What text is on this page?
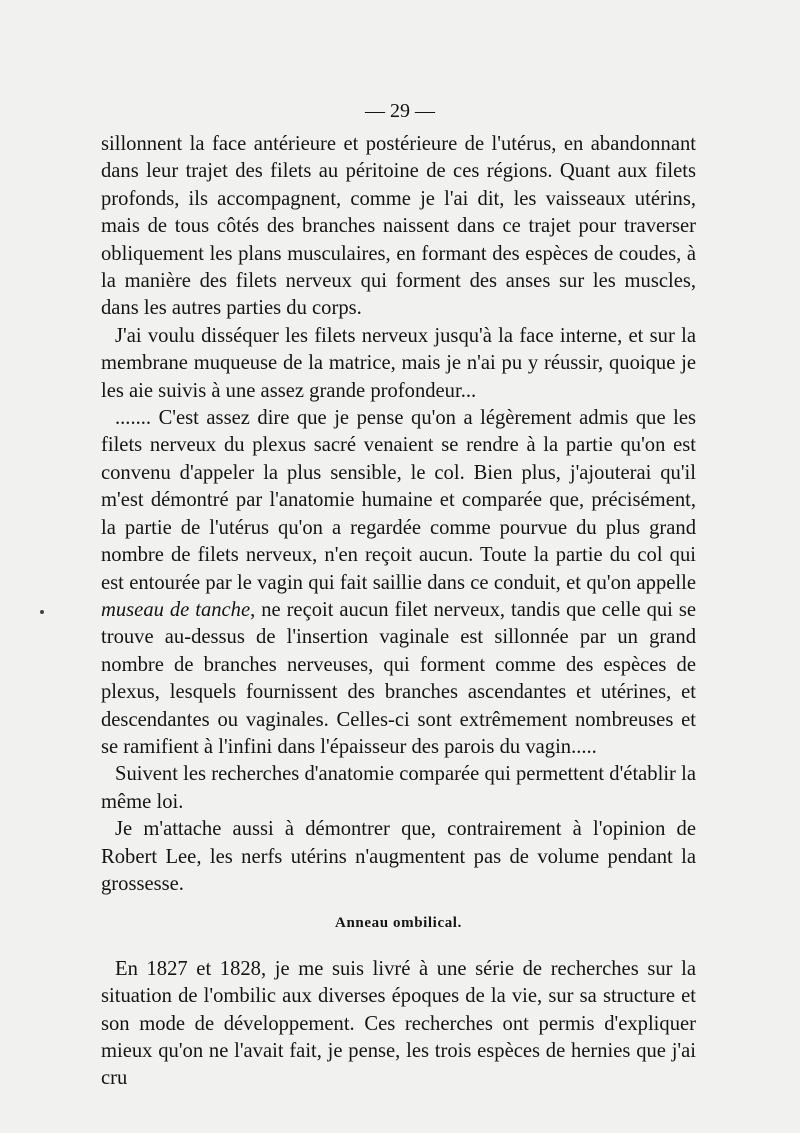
— 29 —

sillonnent la face antérieure et postérieure de l'utérus, en abandonnant dans leur trajet des filets au péritoine de ces régions. Quant aux filets profonds, ils accompagnent, comme je l'ai dit, les vaisseaux utérins, mais de tous côtés des branches naissent dans ce trajet pour traverser obliquement les plans musculaires, en formant des espèces de coudes, à la manière des filets nerveux qui forment des anses sur les muscles, dans les autres parties du corps.

J'ai voulu disséquer les filets nerveux jusqu'à la face interne, et sur la membrane muqueuse de la matrice, mais je n'ai pu y réussir, quoique je les aie suivis à une assez grande profondeur...

....... C'est assez dire que je pense qu'on a légèrement admis que les filets nerveux du plexus sacré venaient se rendre à la partie qu'on est convenu d'appeler la plus sensible, le col. Bien plus, j'ajouterai qu'il m'est démontré par l'anatomie humaine et comparée que, précisément, la partie de l'utérus qu'on a regardée comme pourvue du plus grand nombre de filets nerveux, n'en reçoit aucun. Toute la partie du col qui est entourée par le vagin qui fait saillie dans ce conduit, et qu'on appelle museau de tanche, ne reçoit aucun filet nerveux, tandis que celle qui se trouve au-dessus de l'insertion vaginale est sillonnée par un grand nombre de branches nerveuses, qui forment comme des espèces de plexus, lesquels fournissent des branches ascendantes et utérines, et descendantes ou vaginales. Celles-ci sont extrêmement nombreuses et se ramifient à l'infini dans l'épaisseur des parois du vagin.....

Suivent les recherches d'anatomie comparée qui permettent d'établir la même loi.

Je m'attache aussi à démontrer que, contrairement à l'opinion de Robert Lee, les nerfs utérins n'augmentent pas de volume pendant la grossesse.

Anneau ombilical.

En 1827 et 1828, je me suis livré à une série de recherches sur la situation de l'ombilic aux diverses époques de la vie, sur sa structure et son mode de développement. Ces recherches ont permis d'expliquer mieux qu'on ne l'avait fait, je pense, les trois espèces de hernies que j'ai cru
